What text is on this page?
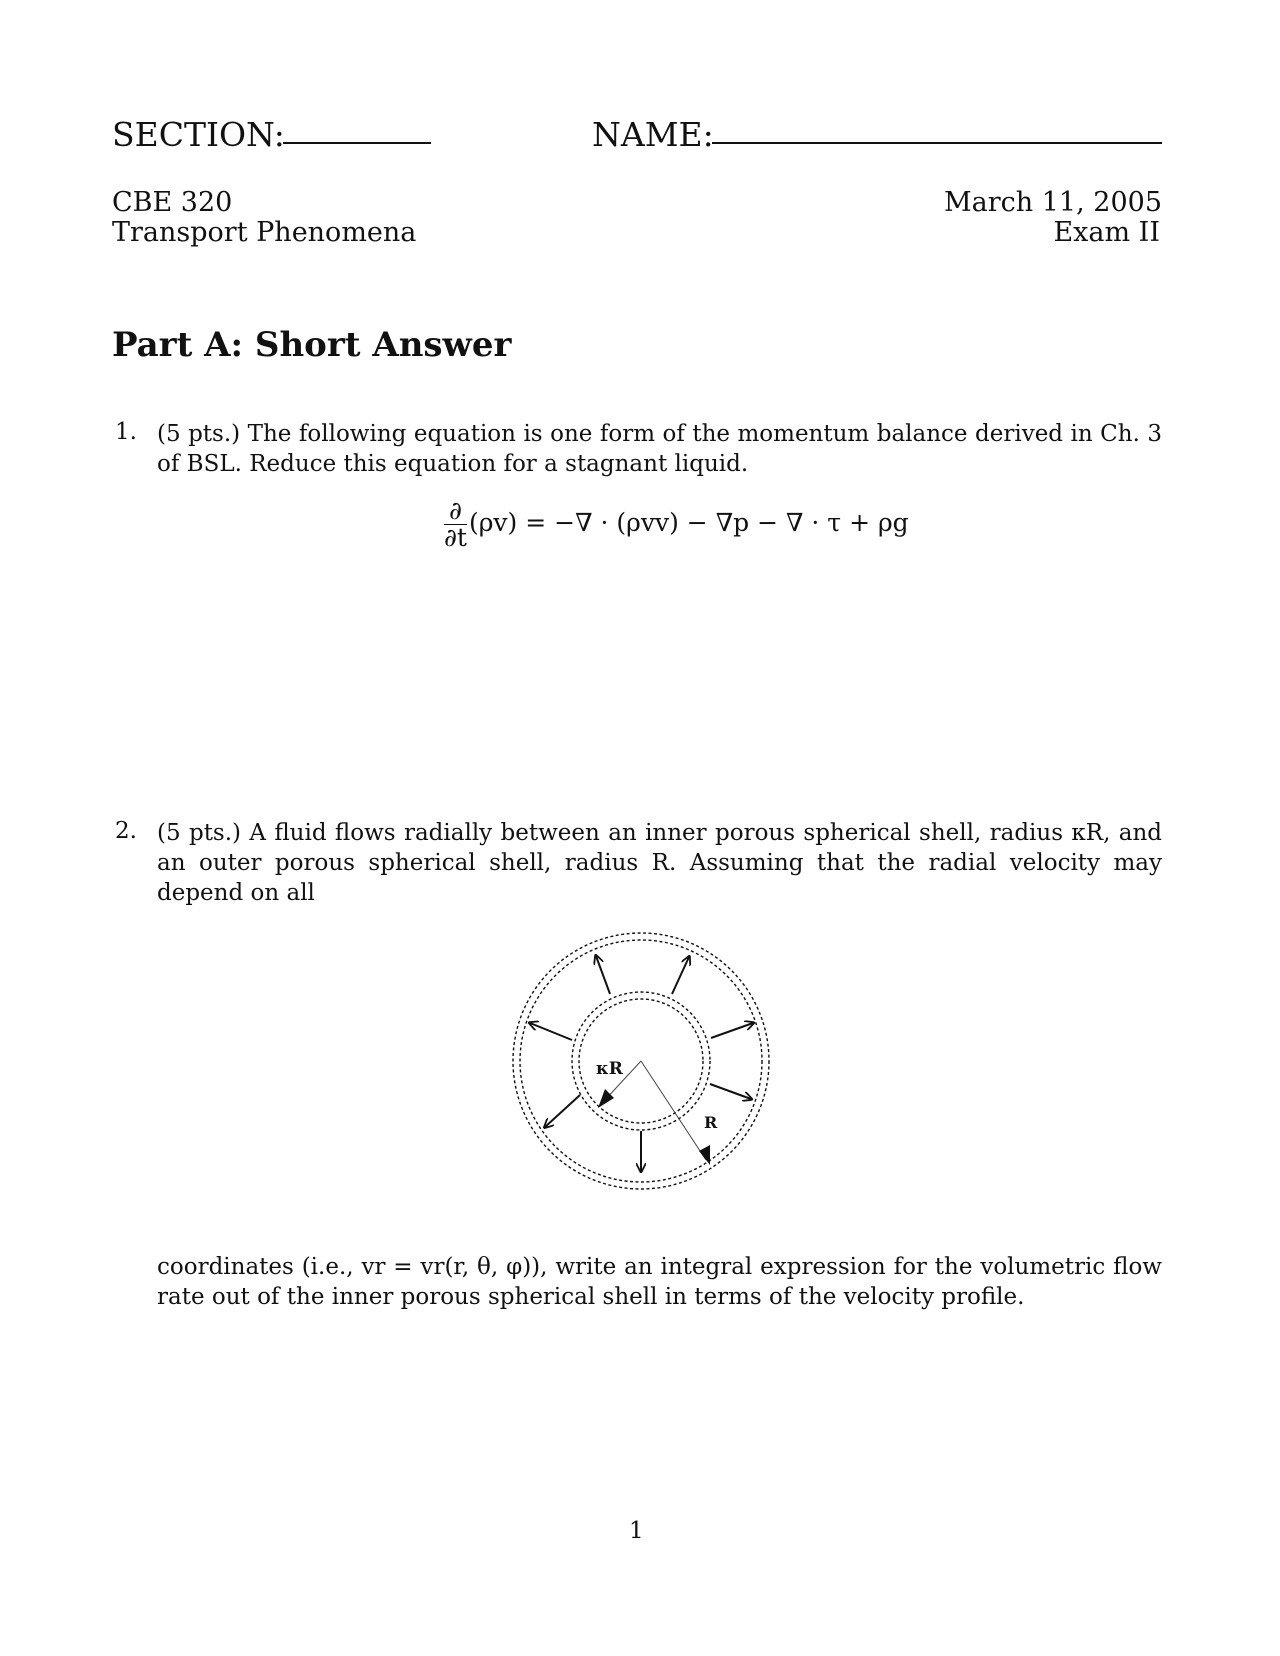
SECTION:	NAME:
CBE 320
Transport Phenomena
March 11, 2005
Exam II
Part A: Short Answer
1. (5 pts.) The following equation is one form of the momentum balance derived in Ch. 3 of BSL. Reduce this equation for a stagnant liquid.
$\frac{\partial}{\partial t} (\rho v)$ = −∇ · (ρvv) − ∇p − ∇ · τ + ρg
2. (5 pts.) A fluid flows radially between an inner porous spherical shell, radius κR, and an outer porous spherical shell, radius R. Assuming that the radial velocity may depend on all
κR
R
coordinates (i.e., vr = vr(r, θ, φ)), write an integral expression for the volumetric flow rate out of the inner porous spherical shell in terms of the velocity profile.
1
